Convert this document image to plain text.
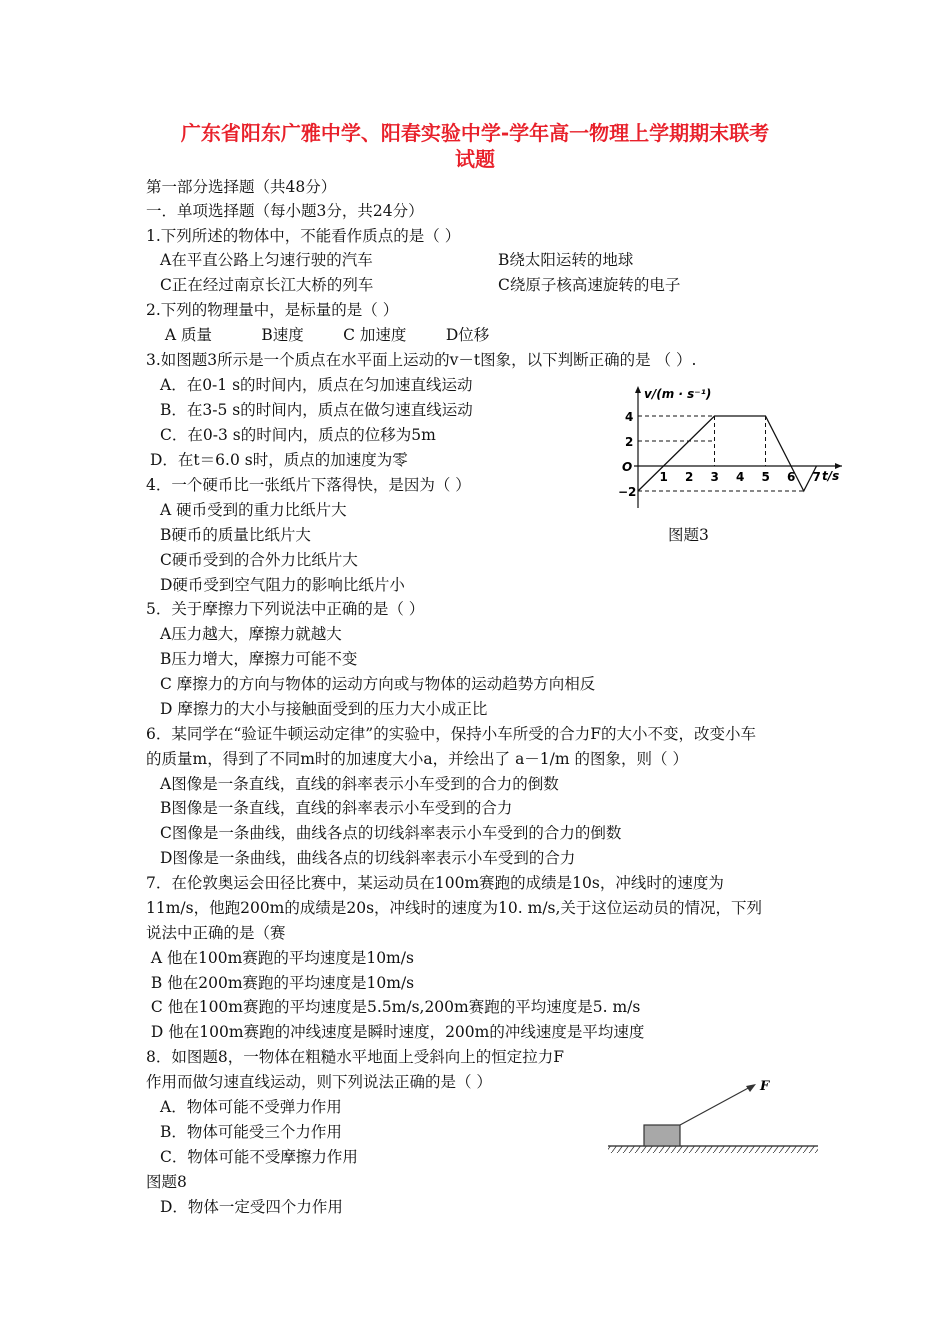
广东省阳东广雅中学、阳春实验中学-学年高一物理上学期期末联考
试题
第一部分选择题（共48分）
一．单项选择题（每小题3分，共24分）
1.下列所述的物体中，不能看作质点的是（ ）
A在平直公路上匀速行驶的汽车	B绕太阳运转的地球
C正在经过南京长江大桥的列车	C绕原子核高速旋转的电子
2.下列的物理量中，是标量的是（ ）
A 质量          B速度        C 加速度        D位移
3.如图题3所示是一个质点在水平面上运动的v－t图象，以下判断正确的是 （ ）.
A．在0-1 s的时间内，质点在匀加速直线运动
B．在3-5 s的时间内，质点在做匀速直线运动
C．在0-3 s的时间内，质点的位移为5m
D．在t＝6.0 s时，质点的加速度为零
v/(m · s⁻¹)
t/s
O
4
2
−2
1 2 3 4 5 6 7
图题3
4．一个硬币比一张纸片下落得快，是因为（ ）
A 硬币受到的重力比纸片大
B硬币的质量比纸片大
C硬币受到的合外力比纸片大
D硬币受到空气阻力的影响比纸片小
5．关于摩擦力下列说法中正确的是（ ）
A压力越大，摩擦力就越大
B压力增大，摩擦力可能不变
C 摩擦力的方向与物体的运动方向或与物体的运动趋势方向相反
D 摩擦力的大小与接触面受到的压力大小成正比
6．某同学在“验证牛顿运动定律”的实验中，保持小车所受的合力F的大小不变，改变小车
的质量m，得到了不同m时的加速度大小a，并绘出了 a－1/m 的图象，则（ ）
A图像是一条直线，直线的斜率表示小车受到的合力的倒数
B图像是一条直线，直线的斜率表示小车受到的合力
C图像是一条曲线，曲线各点的切线斜率表示小车受到的合力的倒数
D图像是一条曲线，曲线各点的切线斜率表示小车受到的合力
7．在伦敦奥运会田径比赛中，某运动员在100m赛跑的成绩是10s，冲线时的速度为
11m/s，他跑200m的成绩是20s，冲线时的速度为10. m/s,关于这位运动员的情况，下列
说法中正确的是（赛
A 他在100m赛跑的平均速度是10m/s
B 他在200m赛跑的平均速度是10m/s
C 他在100m赛跑的平均速度是5.5m/s,200m赛跑的平均速度是5. m/s
D 他在100m赛跑的冲线速度是瞬时速度，200m的冲线速度是平均速度
8．如图题8，一物体在粗糙水平地面上受斜向上的恒定拉力F
作用而做匀速直线运动，则下列说法正确的是（ ）
A．物体可能不受弹力作用
B．物体可能受三个力作用
C．物体可能不受摩擦力作用
图题8
D．物体一定受四个力作用
F
